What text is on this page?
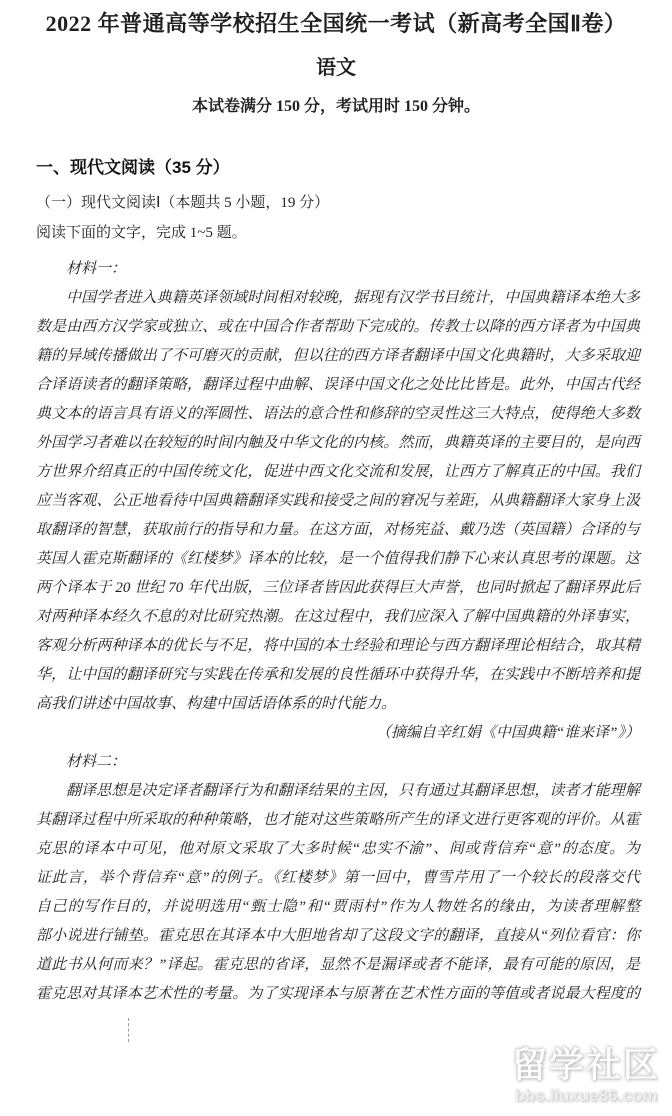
2022 年普通高等学校招生全国统一考试（新高考全国Ⅱ卷）
语文
本试卷满分 150 分，考试用时 150 分钟。
一、现代文阅读（35 分）
（一）现代文阅读Ⅰ（本题共 5 小题，19 分）
阅读下面的文字，完成 1~5 题。
材料一：
中国学者进入典籍英译领域时间相对较晚，据现有汉学书目统计，中国典籍译本绝大多
数是由西方汉学家或独立、或在中国合作者帮助下完成的。传教士以降的西方译者为中国典
籍的异域传播做出了不可磨灭的贡献，但以往的西方译者翻译中国文化典籍时，大多采取迎
合译语读者的翻译策略，翻译过程中曲解、误译中国文化之处比比皆是。此外，中国古代经
典文本的语言具有语义的浑圆性、语法的意合性和修辞的空灵性这三大特点，使得绝大多数
外国学习者难以在较短的时间内触及中华文化的内核。然而，典籍英译的主要目的，是向西
方世界介绍真正的中国传统文化，促进中西文化交流和发展，让西方了解真正的中国。我们
应当客观、公正地看待中国典籍翻译实践和接受之间的窘况与差距，从典籍翻译大家身上汲
取翻译的智慧，获取前行的指导和力量。在这方面，对杨宪益、戴乃迭（英国籍）合译的与
英国人霍克斯翻译的《红楼梦》译本的比较，是一个值得我们静下心来认真思考的课题。这
两个译本于 20 世纪 70 年代出版，三位译者皆因此获得巨大声誉，也同时掀起了翻译界此后
对两种译本经久不息的对比研究热潮。在这过程中，我们应深入了解中国典籍的外译事实，
客观分析两种译本的优长与不足，将中国的本土经验和理论与西方翻译理论相结合，取其精
华，让中国的翻译研究与实践在传承和发展的良性循环中获得升华，在实践中不断培养和提
高我们讲述中国故事、构建中国话语体系的时代能力。
（摘编自辛红娟《中国典籍“谁来译”》）
材料二：
翻译思想是决定译者翻译行为和翻译结果的主因，只有通过其翻译思想，读者才能理解
其翻译过程中所采取的种种策略，也才能对这些策略所产生的译文进行更客观的评价。从霍
克思的译本中可见，他对原文采取了大多时候“忠实不渝”、间或背信弃“意”的态度。为
证此言，举个背信弃“意”的例子。《红楼梦》第一回中，曹雪芹用了一个较长的段落交代
自己的写作目的，并说明选用“甄士隐”和“贾雨村”作为人物姓名的缘由，为读者理解整
部小说进行铺垫。霍克思在其译本中大胆地省却了这段文字的翻译，直接从“列位看官：你
道此书从何而来？”译起。霍克思的省译，显然不是漏译或者不能译，最有可能的原因，是
霍克思对其译本艺术性的考量。为了实现译本与原著在艺术性方面的等值或者说最大程度的
留学社区
bbs.liuxue86.com
